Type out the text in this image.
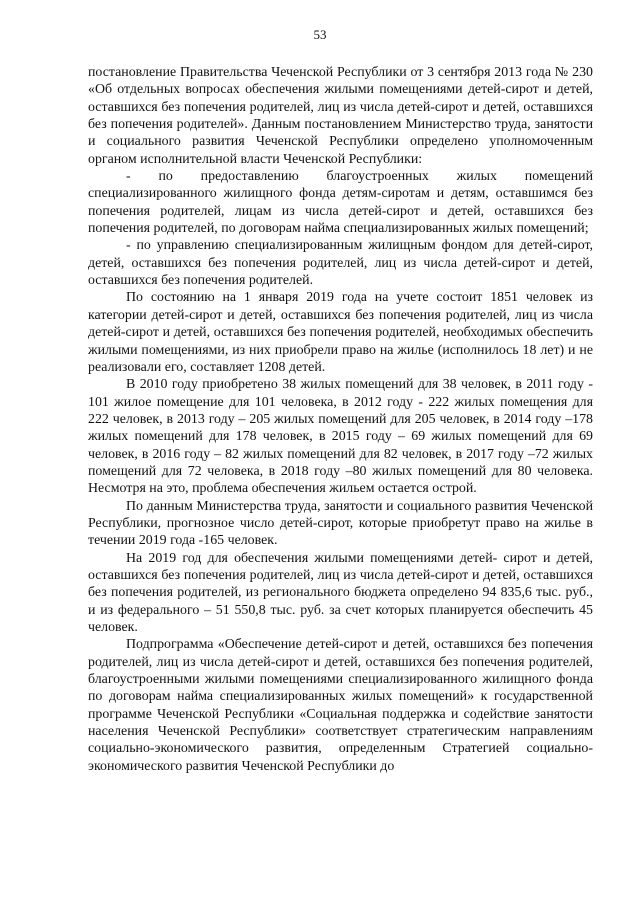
53

постановление Правительства Чеченской Республики от 3 сентября 2013 года № 230 «Об отдельных вопросах обеспечения жилыми помещениями детей-сирот и детей, оставшихся без попечения родителей, лиц из числа детей-сирот и детей, оставшихся без попечения родителей». Данным постановлением Министерство труда, занятости и социального развития Чеченской Республики определено уполномоченным органом исполнительной власти Чеченской Республики:

- по предоставлению благоустроенных жилых помещений специализированного жилищного фонда детям-сиротам и детям, оставшимся без попечения родителей, лицам из числа детей-сирот и детей, оставшихся без попечения родителей, по договорам найма специализированных жилых помещений;

- по управлению специализированным жилищным фондом для детей-сирот, детей, оставшихся без попечения родителей, лиц из числа детей-сирот и детей, оставшихся без попечения родителей.

По состоянию на 1 января 2019 года на учете состоит 1851 человек из категории детей-сирот и детей, оставшихся без попечения родителей, лиц из числа детей-сирот и детей, оставшихся без попечения родителей, необходимых обеспечить жилыми помещениями, из них приобрели право на жилье (исполнилось 18 лет) и не реализовали его, составляет 1208 детей.

В 2010 году приобретено 38 жилых помещений для 38 человек, в 2011 году - 101 жилое помещение для 101 человека, в 2012 году - 222 жилых помещения для 222 человек, в 2013 году – 205 жилых помещений для 205 человек, в 2014 году –178 жилых помещений для 178 человек, в 2015 году – 69 жилых помещений для 69 человек, в 2016 году – 82 жилых помещений для 82 человек, в 2017 году –72 жилых помещений для 72 человека, в 2018 году –80 жилых помещений для 80 человека. Несмотря на это, проблема обеспечения жильем остается острой.

По данным Министерства труда, занятости и социального развития Чеченской Республики, прогнозное число детей-сирот, которые приобретут право на жилье в течении 2019 года -165 человек.

На 2019 год для обеспечения жилыми помещениями детей- сирот и детей, оставшихся без попечения родителей, лиц из числа детей-сирот и детей, оставшихся без попечения родителей, из регионального бюджета определено 94 835,6 тыс. руб., и из федерального – 51 550,8 тыс. руб. за счет которых планируется обеспечить 45 человек.

Подпрограмма «Обеспечение детей-сирот и детей, оставшихся без попечения родителей, лиц из числа детей-сирот и детей, оставшихся без попечения родителей, благоустроенными жилыми помещениями специализированного жилищного фонда по договорам найма специализированных жилых помещений» к государственной программе Чеченской Республики «Социальная поддержка и содействие занятости населения Чеченской Республики» соответствует стратегическим направлениям социально-экономического развития, определенным Стратегией социально-экономического развития Чеченской Республики до
